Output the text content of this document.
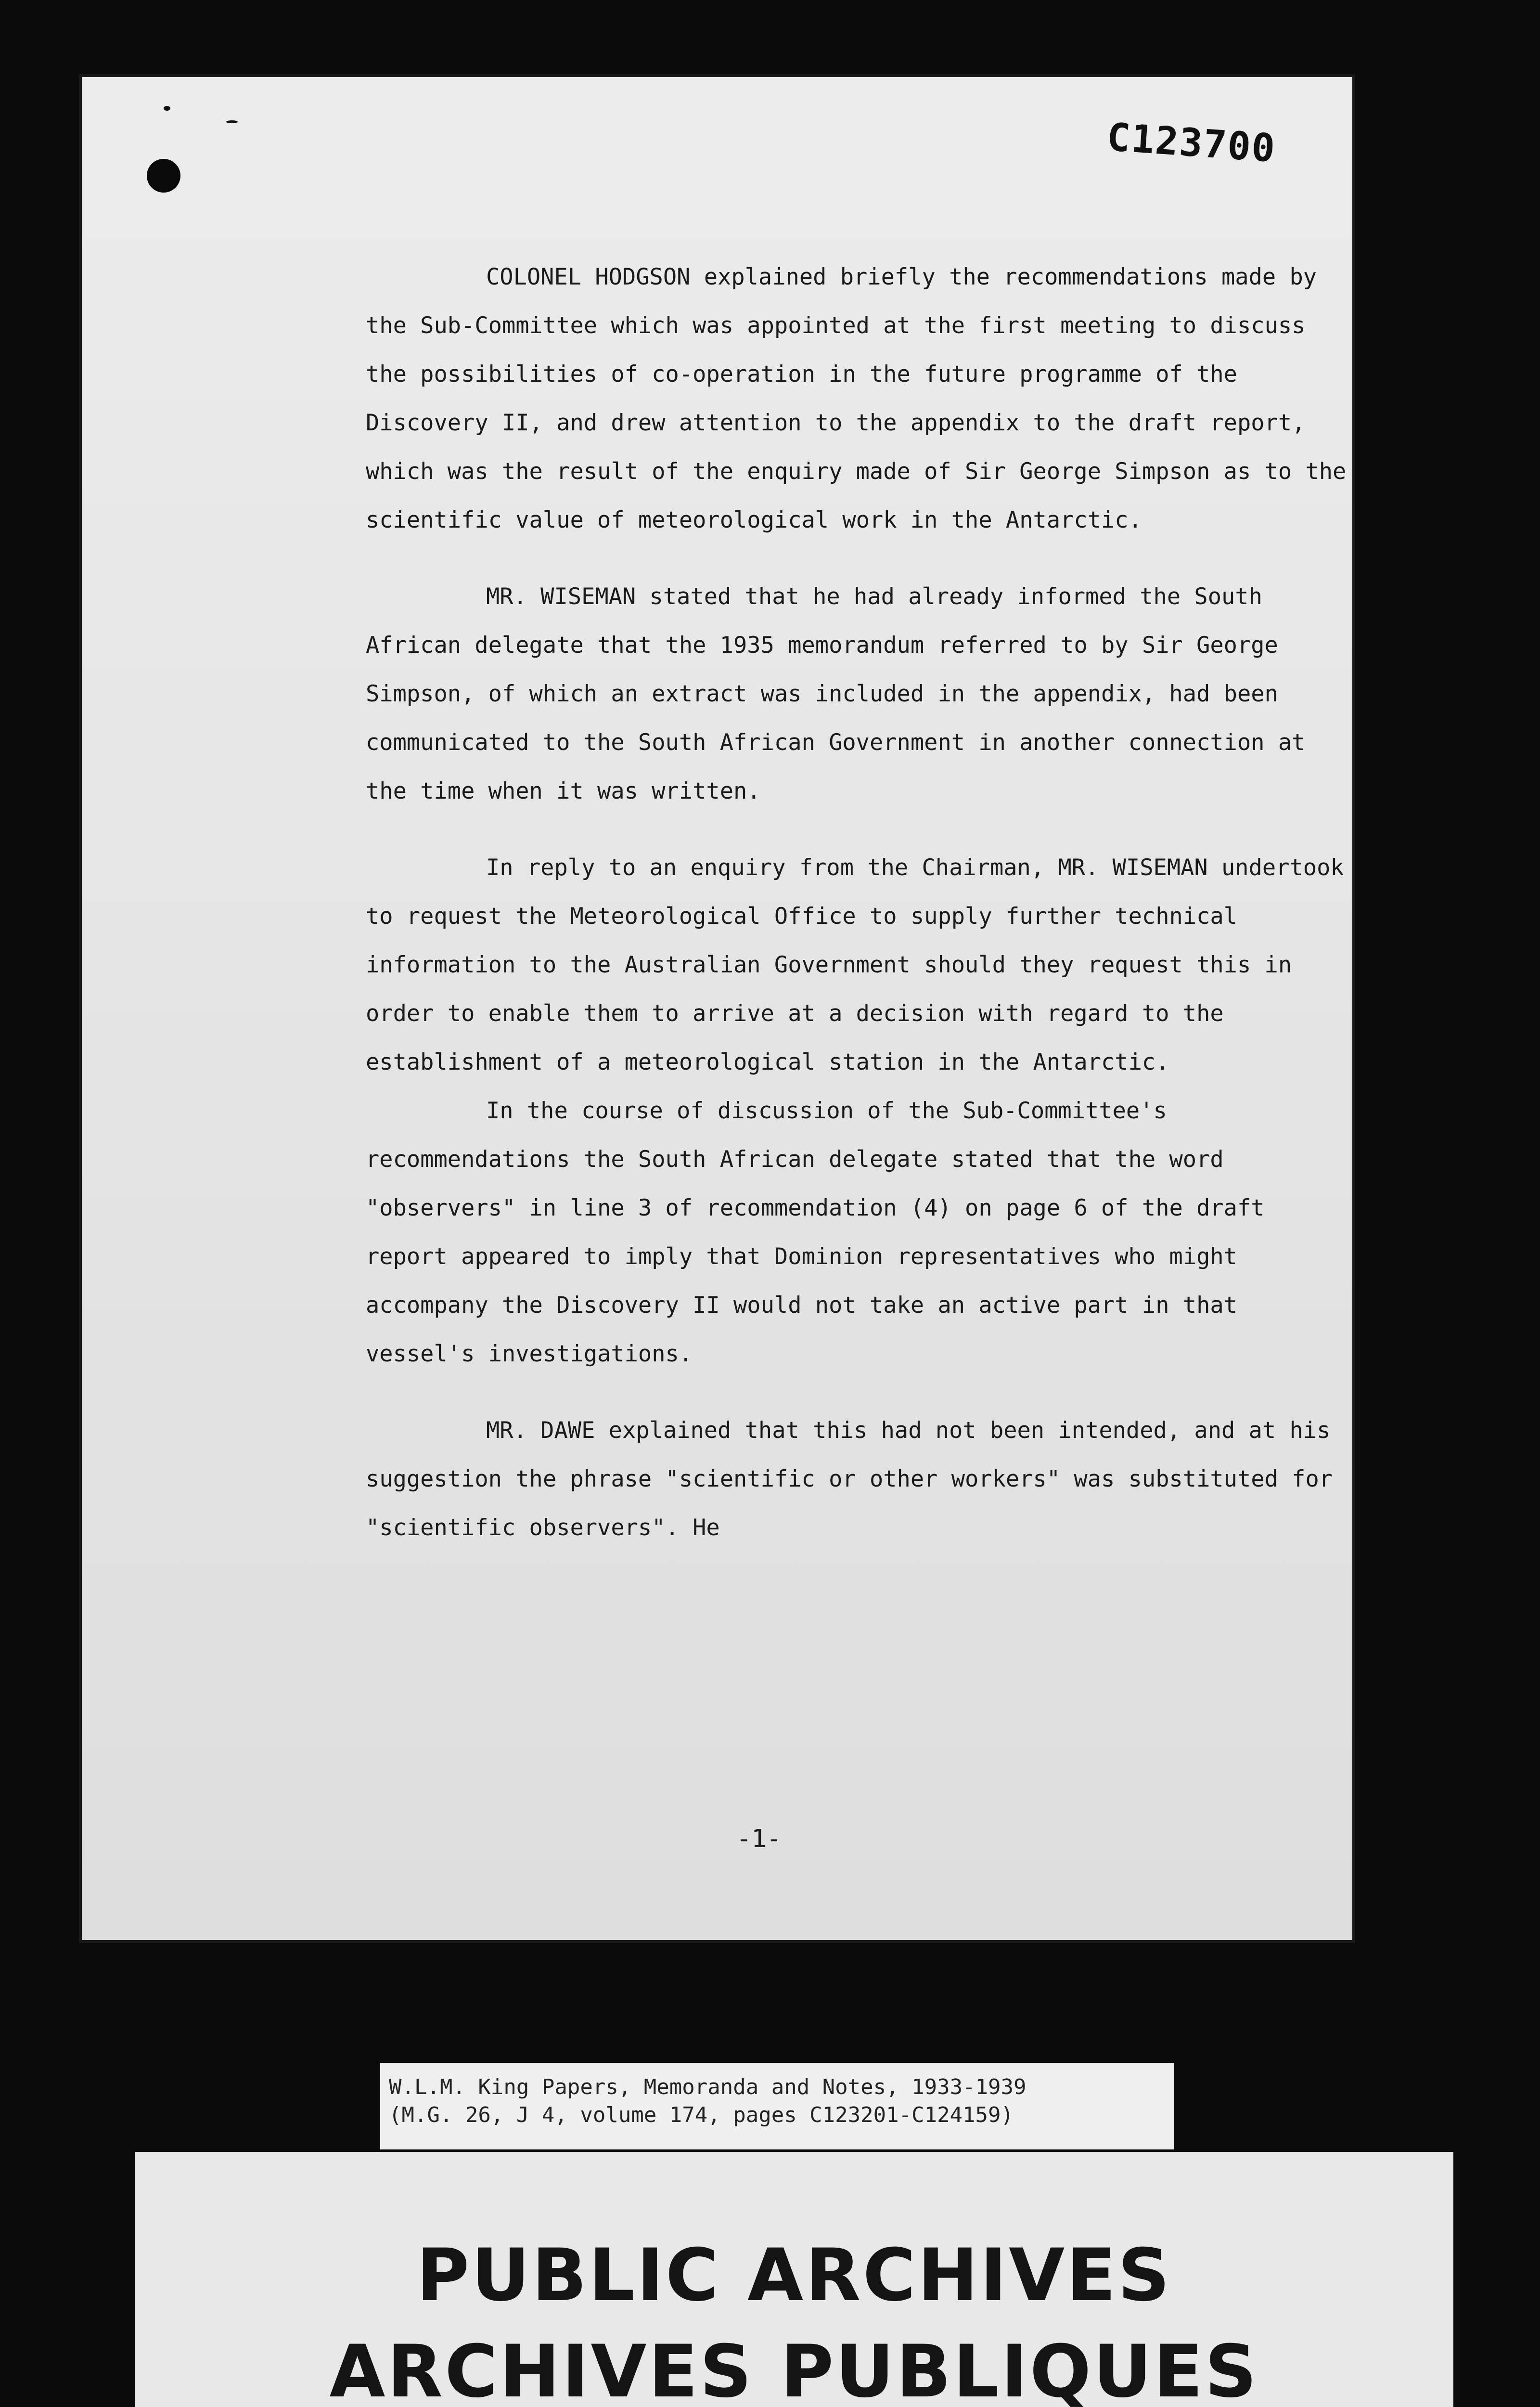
C123700

COLONEL HODGSON explained briefly the recommendations made by the Sub-Committee which was appointed at the first meeting to discuss the possibilities of co-operation in the future programme of the Discovery II, and drew attention to the appendix to the draft report, which was the result of the enquiry made of Sir George Simpson as to the scientific value of meteorological work in the Antarctic.

MR. WISEMAN stated that he had already informed the South African delegate that the 1935 memorandum referred to by Sir George Simpson, of which an extract was included in the appendix, had been communicated to the South African Government in another connection at the time when it was written.

In reply to an enquiry from the Chairman, MR. WISEMAN undertook to request the Meteorological Office to supply further technical information to the Australian Government should they request this in order to enable them to arrive at a decision with regard to the establishment of a meteorological station in the Antarctic.

In the course of discussion of the Sub-Committee's recommendations the South African delegate stated that the word "observers" in line 3 of recommendation (4) on page 6 of the draft report appeared to imply that Dominion representatives who might accompany the Discovery II would not take an active part in that vessel's investigations.

MR. DAWE explained that this had not been intended, and at his suggestion the phrase "scientific or other workers" was substituted for "scientific observers". He

-1-
W.L.M. King Papers, Memoranda and Notes, 1933-1939
(M.G. 26, J 4, volume 174, pages C123201-C124159)
PUBLIC ARCHIVES
ARCHIVES PUBLIQUES
